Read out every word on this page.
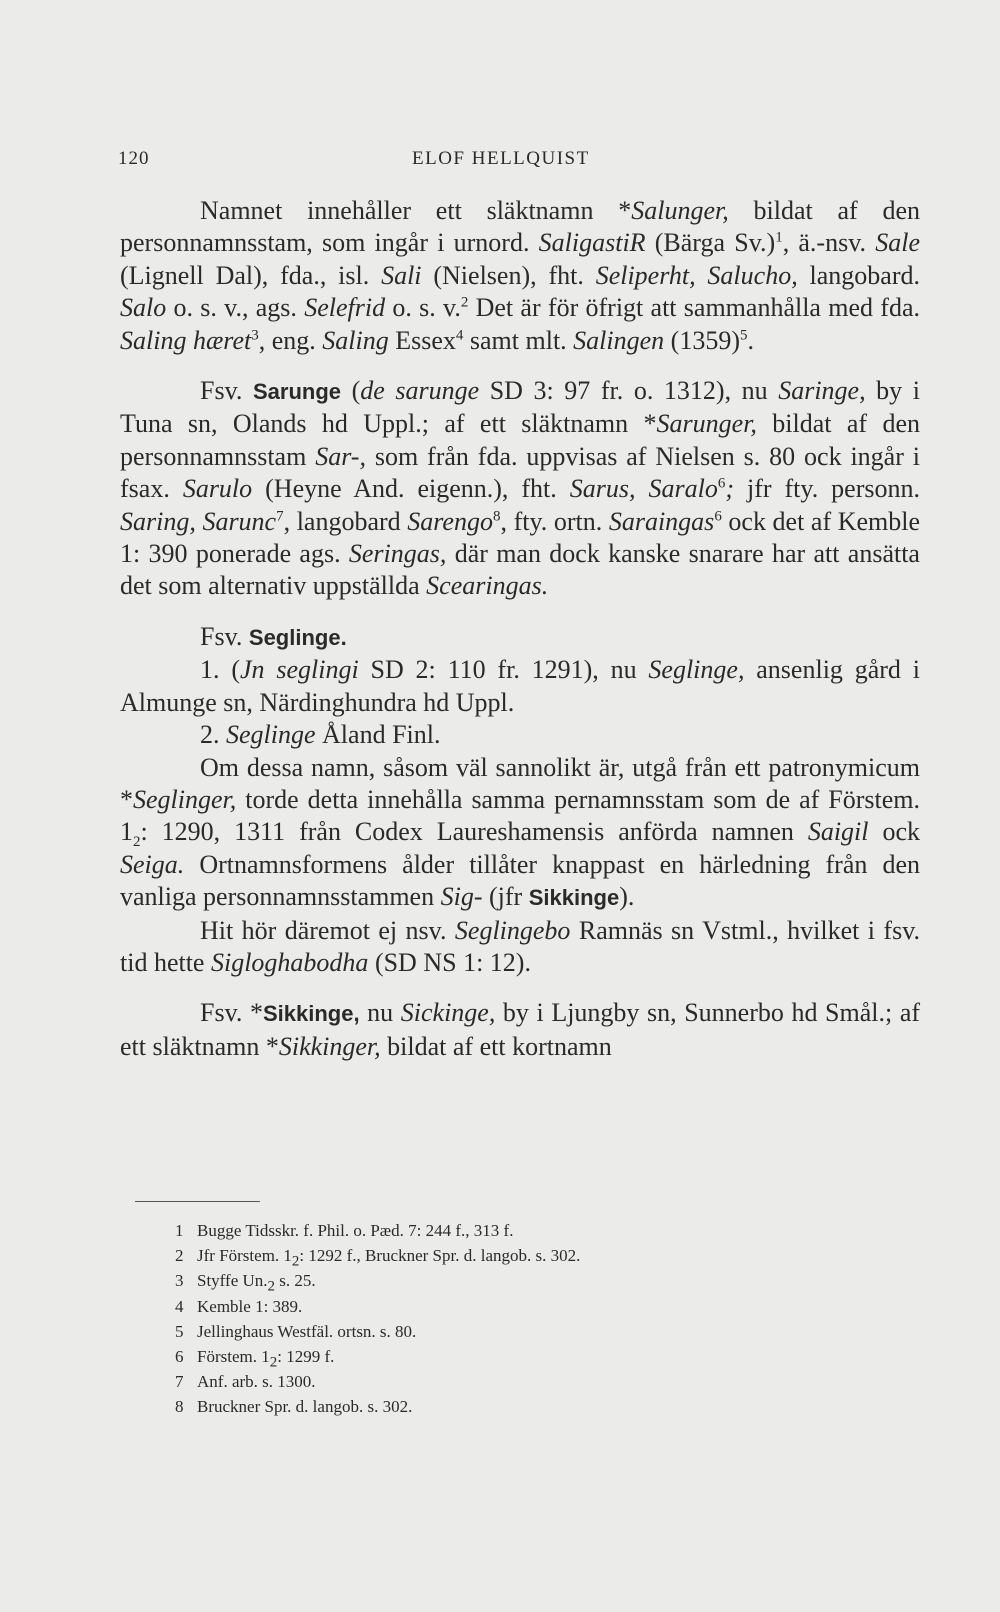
120	ELOF HELLQUIST

Namnet innehåller ett släktnamn *Salunger, bildat af den personnamnsstam, som ingår i urnord. SaligastiR (Bärga Sv.)$^1$, ä.-nsv. Sale (Lignell Dal), fda., isl. Sali (Nielsen), fht. Seliperht, Salucho, langobard. Salo o. s. v., ags. Selefrid o. s. v.$^2$ Det är för öfrigt att sammanhålla med fda. Saling hæret$^3$, eng. Saling Essex$^4$ samt mlt. Salingen $(1359)^5$.

Fsv. Sarunge (de sarunge SD 3: 97 fr. o. 1312), nu Saringe, by i Tuna sn, Olands hd Uppl.; af ett släktnamn *Sarunger, bildat af den personnamnsstam Sar-, som från fda. uppvisas af Nielsen s. 80 ock ingår i fsax. Sarulo (Heyne And. eigenn.), fht. Sarus, Saralo$^6$; jfr fty. personn. Saring, Sarunc$^7$, langobard Sarengo$^8$, fty. ortn. Saraingas$^6$ ock det af Kemble 1: 390 ponerade ags. Seringas, där man dock kanske snarare har att ansätta det som alternativ uppställda Scearingas.

Fsv. Seglinge.

1. (Jn seglingi SD 2: 110 fr. 1291), nu Seglinge, ansenlig gård i Almunge sn, Närdinghundra hd Uppl.

2. Seglinge Åland Finl.

Om dessa namn, såsom väl sannolikt är, utgå från ett patronymicum *Seglinger, torde detta innehålla samma pernamnsstam som de af Förstem. $1_2$: 1290, 1311 från Codex Laureshamensis anförda namnen Saigil ock Seiga. Ortnamnsformens ålder tillåter knappast en härledning från den vanliga personnamnsstammen Sig- (jfr Sikkinge).

Hit hör däremot ej nsv. Seglingebo Ramnäs sn Vstml., hvilket i fsv. tid hette Sigloghabodha (SD NS 1: 12).

Fsv. *Sikkinge, nu Sickinge, by i Ljungby sn, Sunnerbo hd Smål.; af ett släktnamn *Sikkinger, bildat af ett kortnamn

1 Bugge Tidsskr. f. Phil. o. Pæd. 7: 244 f., 313 f.
2 Jfr Förstem. $1_2$: 1292 f., Bruckner Spr. d. langob. s. 302.
3 Styffe $Un._2$ s. 25.
4 Kemble 1: 389.
5 Jellinghaus Westfäl. ortsn. s. 80.
6 Förstem. $1_2$: 1299 f.
7 Anf. arb. s. 1300.
8 Bruckner Spr. d. langob. s. 302.
